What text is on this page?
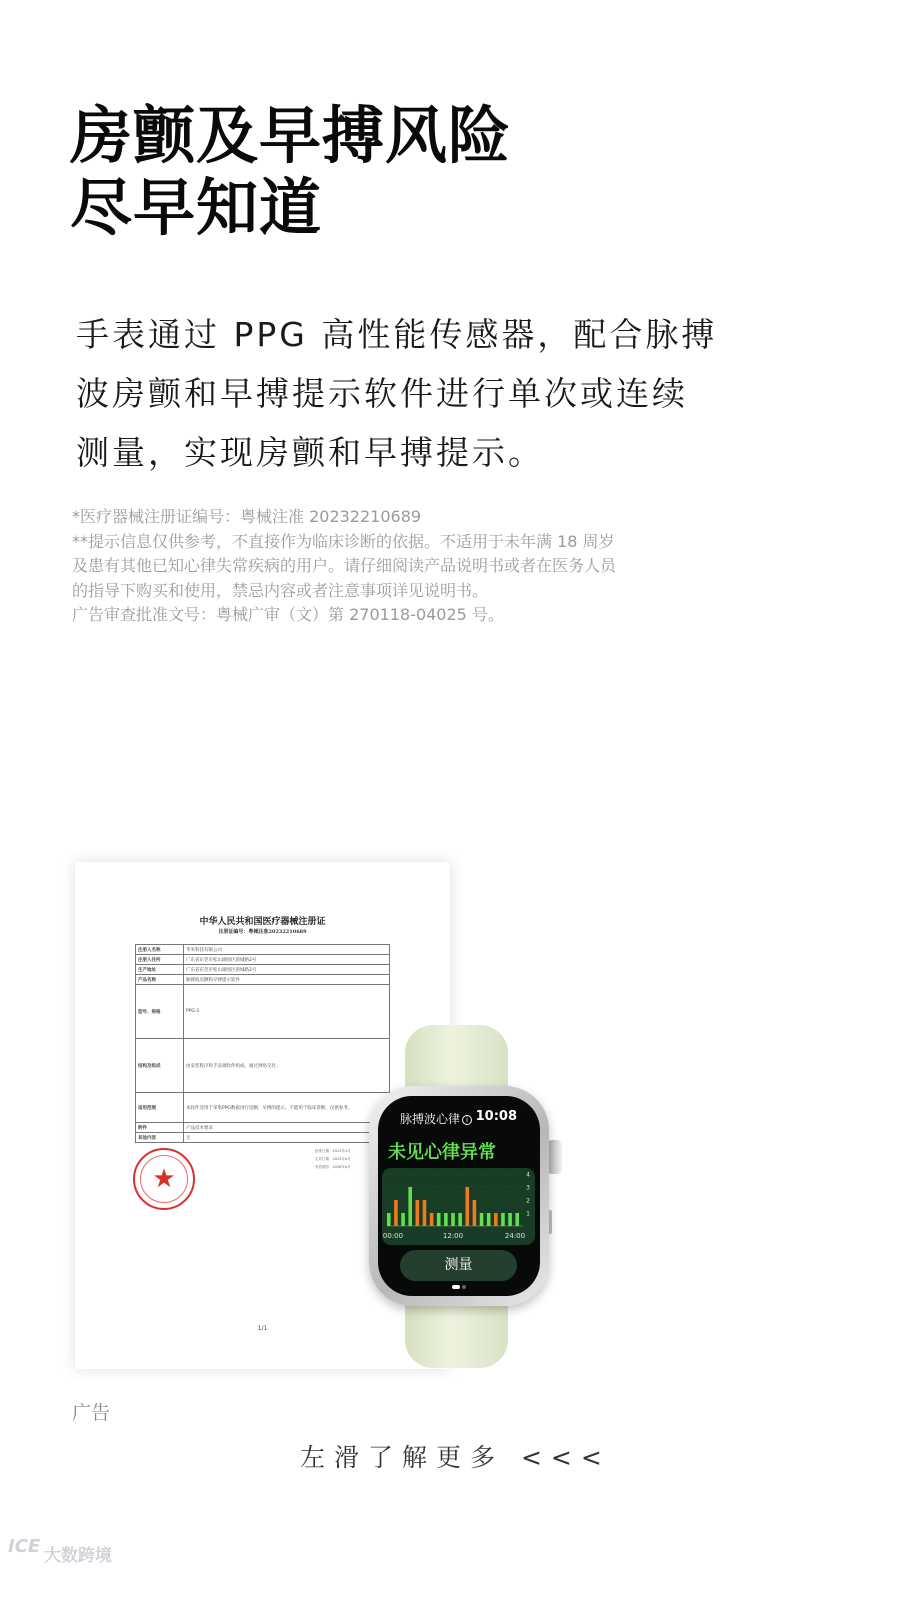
房颤及早搏风险
尽早知道
手表通过 PPG 高性能传感器，配合脉搏
波房颤和早搏提示软件进行单次或连续
测量，实现房颤和早搏提示。
*医疗器械注册证编号：粤械注准 20232210689
**提示信息仅供参考，不直接作为临床诊断的依据。不适用于未年满 18 周岁
及患有其他已知心律失常疾病的用户。请仔细阅读产品说明书或者在医务人员
的指导下购买和使用，禁忌内容或者注意事项详见说明书。
广告审查批准文号：粤械广审（文）第 270118-04025 号。
中华人民共和国医疗器械注册证
注册证编号：粤械注准20232210689
注册人名称	华米科技有限公司
注册人住所	广东省东莞市松山湖园区新城路2号
生产地址	广东省东莞市松山湖园区新城路2号
产品名称	脉搏波房颤和早搏提示软件
型号、规格	PPG-1
结构及组成	由安装程序和手表端软件组成，通过网络交付。
适用范围	本软件适用于采集PPG数据进行房颤、早搏的提示，不能用于临床诊断，仅供参考。
附件	产品技术要求
其他内容	无
批准日期：2023年4月
生效日期：2023年4月
有效期至：2028年4月
★
1/1
脉搏波心律 i 10:08
未见心律异常
1
2
3
4
00:00	12:00	24:00
测量
广告
左滑了解更多 <<<
ICE 大数跨境
